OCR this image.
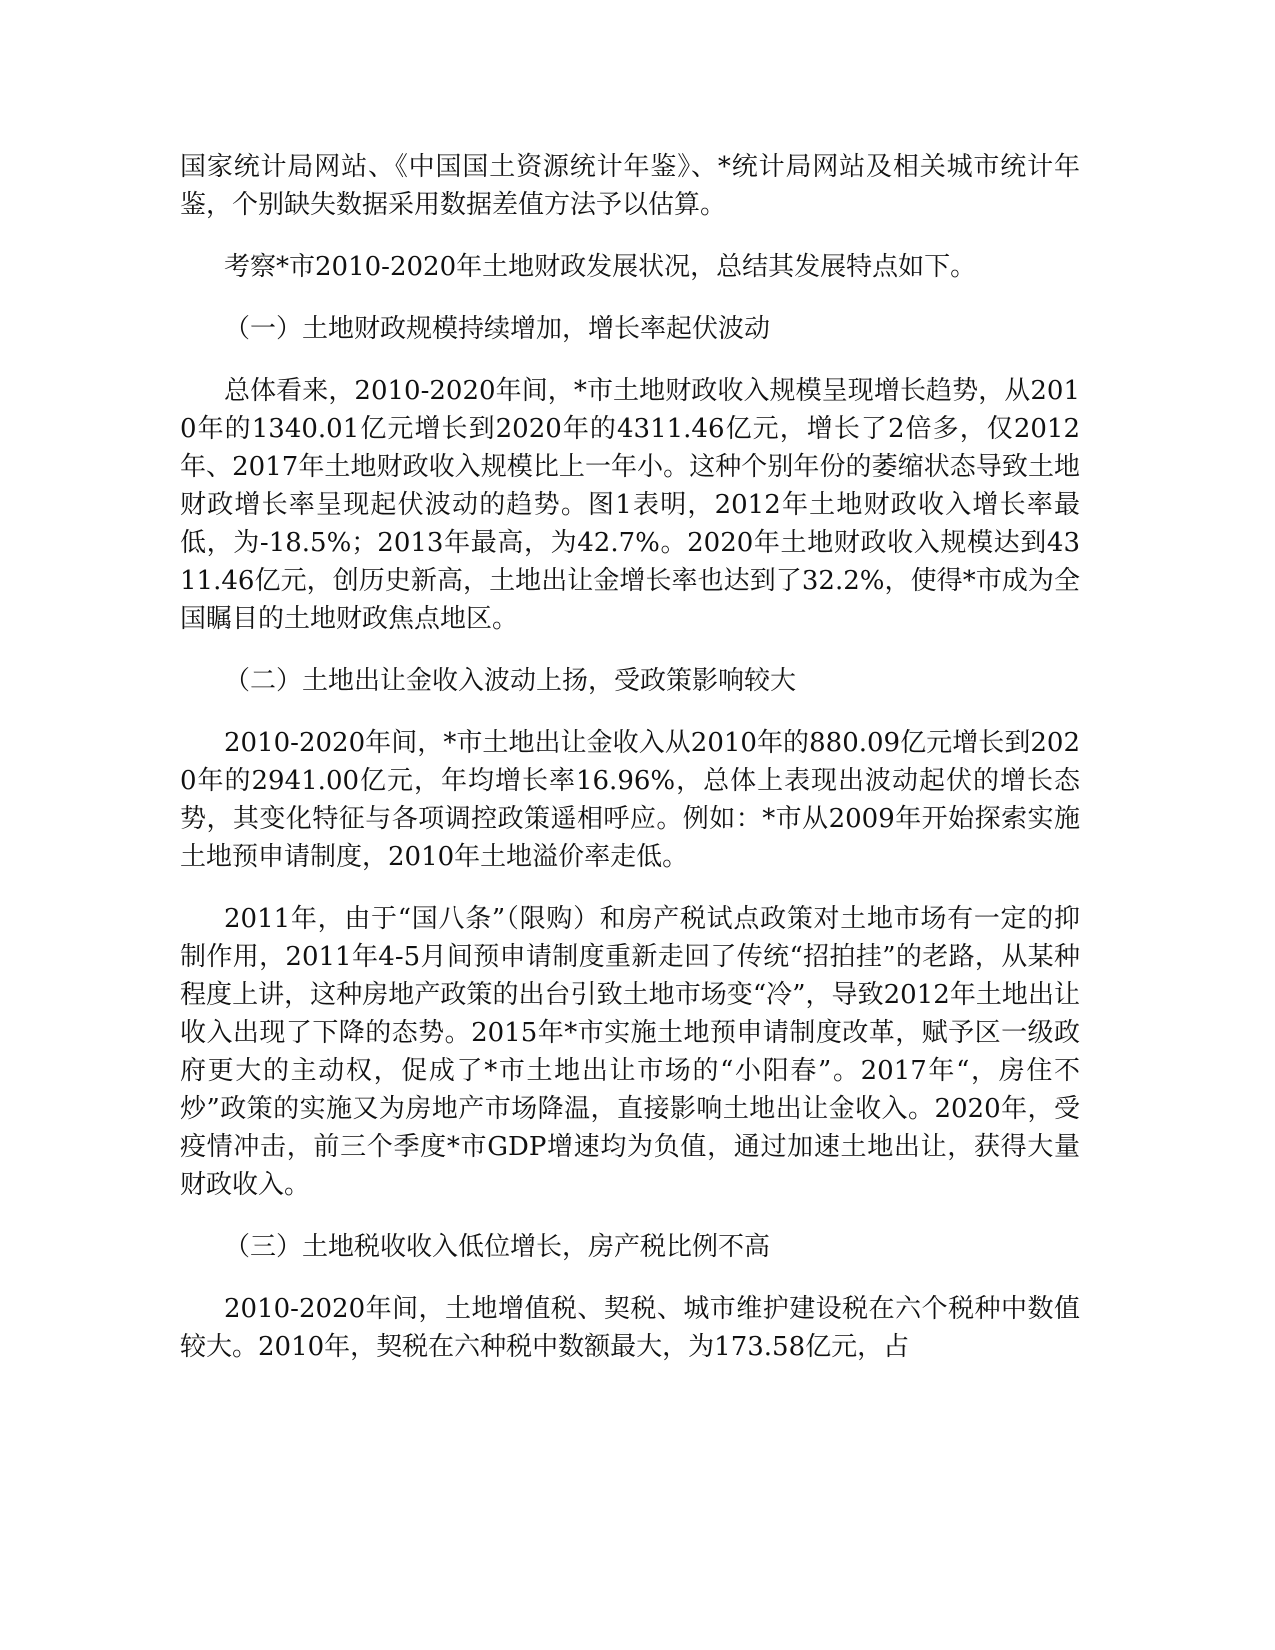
国家统计局网站、《中国国土资源统计年鉴》、*统计局网站及相关城市统计年鉴，个别缺失数据采用数据差值方法予以估算。

考察*市2010-2020年土地财政发展状况，总结其发展特点如下。

（一）土地财政规模持续增加，增长率起伏波动

总体看来，2010-2020年间，*市土地财政收入规模呈现增长趋势，从2010年的1340.01亿元增长到2020年的4311.46亿元，增长了2倍多，仅2012年、2017年土地财政收入规模比上一年小。这种个别年份的萎缩状态导致土地财政增长率呈现起伏波动的趋势。图1表明，2012年土地财政收入增长率最低，为-18.5%；2013年最高，为42.7%。2020年土地财政收入规模达到4311.46亿元，创历史新高，土地出让金增长率也达到了32.2%，使得*市成为全国瞩目的土地财政焦点地区。

（二）土地出让金收入波动上扬，受政策影响较大

2010-2020年间，*市土地出让金收入从2010年的880.09亿元增长到2020年的2941.00亿元，年均增长率16.96%，总体上表现出波动起伏的增长态势，其变化特征与各项调控政策遥相呼应。例如：*市从2009年开始探索实施土地预申请制度，2010年土地溢价率走低。

2011年，由于“国八条”（限购）和房产税试点政策对土地市场有一定的抑制作用，2011年4-5月间预申请制度重新走回了传统“招拍挂”的老路，从某种程度上讲，这种房地产政策的出台引致土地市场变“冷”，导致2012年土地出让收入出现了下降的态势。2015年*市实施土地预申请制度改革，赋予区一级政府更大的主动权，促成了*市土地出让市场的“小阳春”。2017年“，房住不炒”政策的实施又为房地产市场降温，直接影响土地出让金收入。2020年，受疫情冲击，前三个季度*市GDP增速均为负值，通过加速土地出让，获得大量财政收入。

（三）土地税收收入低位增长，房产税比例不高

2010-2020年间，土地增值税、契税、城市维护建设税在六个税种中数值较大。2010年，契税在六种税中数额最大，为173.58亿元，占
